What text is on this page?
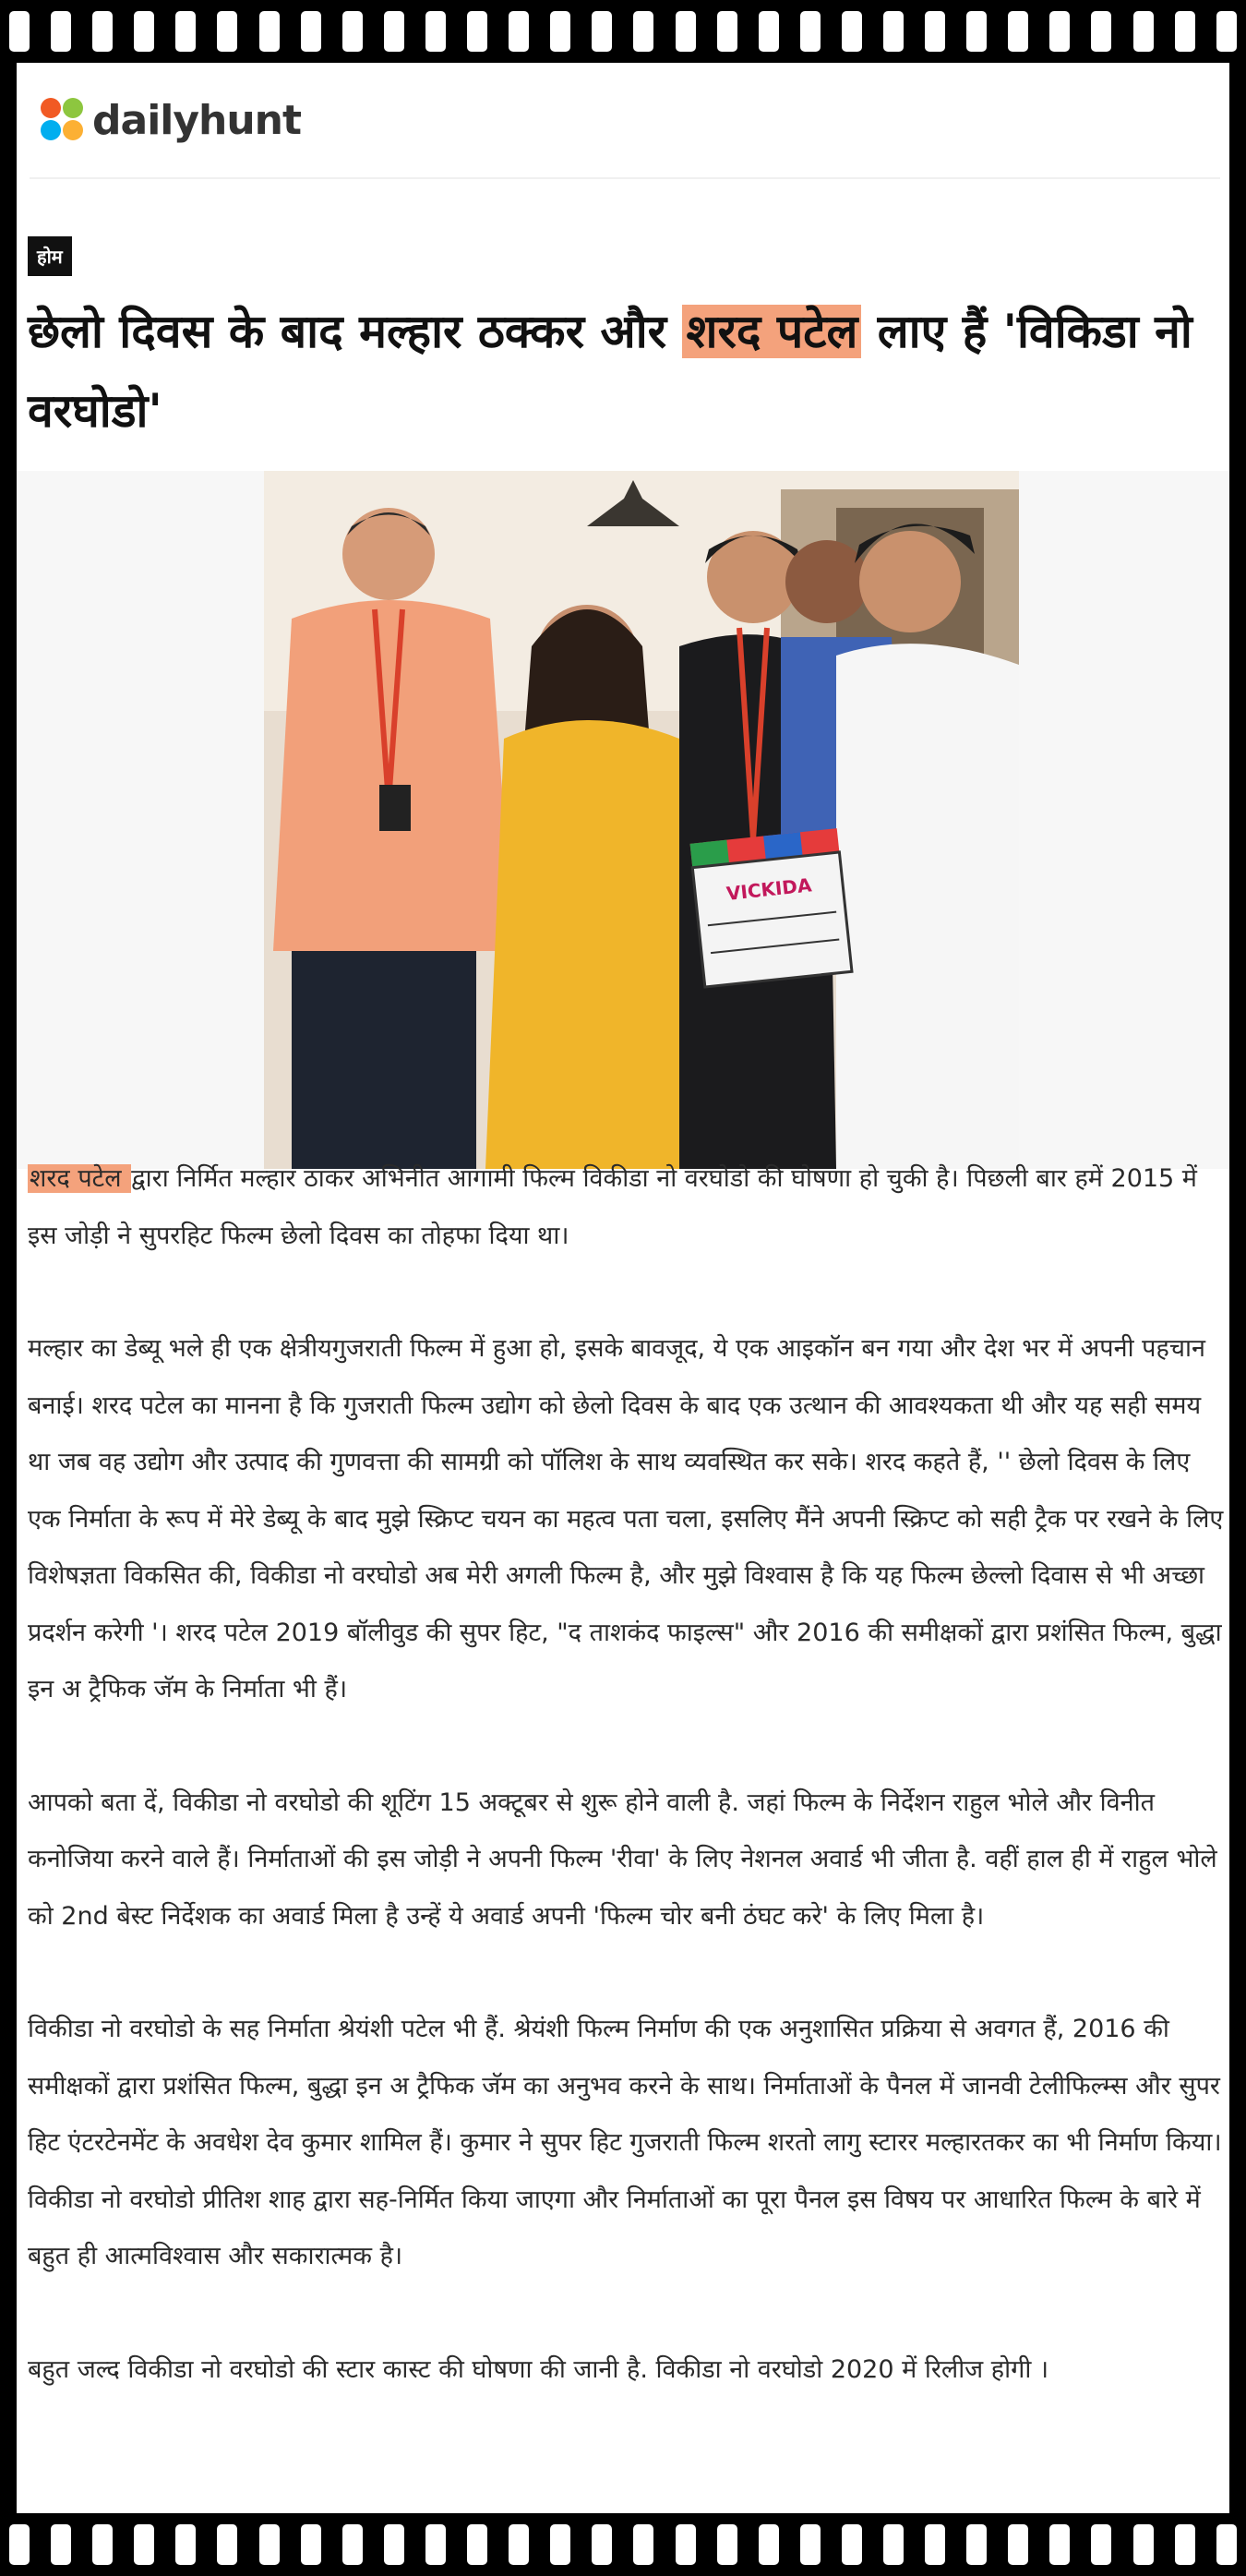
dailyhunt
होम
छेलो दिवस के बाद मल्हार ठक्कर और शरद पटेल लाए हैं 'विकिडा नो वरघोडो'
VICKIDA

शरद पटेल द्वारा निर्मित मल्हार ठाकर अभिनीत आगामी फिल्म विकीडा नो वरघोडो की घोषणा हो चुकी है। पिछली बार हमें 2015 में इस जोड़ी ने सुपरहिट फिल्म छेलो दिवस का तोहफा दिया था।

मल्हार का डेब्यू भले ही एक क्षेत्रीयगुजराती फिल्म में हुआ हो, इसके बावजूद, ये एक आइकॉन बन गया और देश भर में अपनी पहचान बनाई। शरद पटेल का मानना है कि गुजराती फिल्म उद्योग को छेलो दिवस के बाद एक उत्थान की आवश्यकता थी और यह सही समय था जब वह उद्योग और उत्पाद की गुणवत्ता की सामग्री को पॉलिश के साथ व्यवस्थित कर सके। शरद कहते हैं, '' छेलो दिवस के लिए एक निर्माता के रूप में मेरे डेब्यू के बाद मुझे स्क्रिप्ट चयन का महत्व पता चला, इसलिए मैंने अपनी स्क्रिप्ट को सही ट्रैक पर रखने के लिए विशेषज्ञता विकसित की, विकीडा नो वरघोडो अब मेरी अगली फिल्म है, और मुझे विश्वास है कि यह फिल्म छेल्लो दिवास से भी अच्छा प्रदर्शन करेगी '। शरद पटेल 2019 बॉलीवुड की सुपर हिट, "द ताशकंद फाइल्स" और 2016 की समीक्षकों द्वारा प्रशंसित फिल्म, बुद्धा इन अ ट्रैफिक जॅम के निर्माता भी हैं।

आपको बता दें, विकीडा नो वरघोडो की शूटिंग 15 अक्टूबर से शुरू होने वाली है. जहां फिल्म के निर्देशन राहुल भोले और विनीत कनोजिया करने वाले हैं। निर्माताओं की इस जोड़ी ने अपनी फिल्म 'रीवा' के लिए नेशनल अवार्ड भी जीता है. वहीं हाल ही में राहुल भोले को 2nd बेस्ट निर्देशक का अवार्ड मिला है उन्हें ये अवार्ड अपनी 'फिल्म चोर बनी ठंघट करे' के लिए मिला है।

विकीडा नो वरघोडो के सह निर्माता श्रेयंशी पटेल भी हैं. श्रेयंशी फिल्म निर्माण की एक अनुशासित प्रक्रिया से अवगत हैं, 2016 की समीक्षकों द्वारा प्रशंसित फिल्म, बुद्धा इन अ ट्रैफिक जॅम का अनुभव करने के साथ। निर्माताओं के पैनल में जानवी टेलीफिल्म्स और सुपर हिट एंटरटेनमेंट के अवधेश देव कुमार शामिल हैं। कुमार ने सुपर हिट गुजराती फिल्म शरतो लागु स्टारर मल्हारतकर का भी निर्माण किया। विकीडा नो वरघोडो प्रीतिश शाह द्वारा सह-निर्मित किया जाएगा और निर्माताओं का पूरा पैनल इस विषय पर आधारित फिल्म के बारे में बहुत ही आत्मविश्वास और सकारात्मक है।

बहुत जल्द विकीडा नो वरघोडो की स्टार कास्ट की घोषणा की जानी है. विकीडा नो वरघोडो 2020 में रिलीज होगी ।
